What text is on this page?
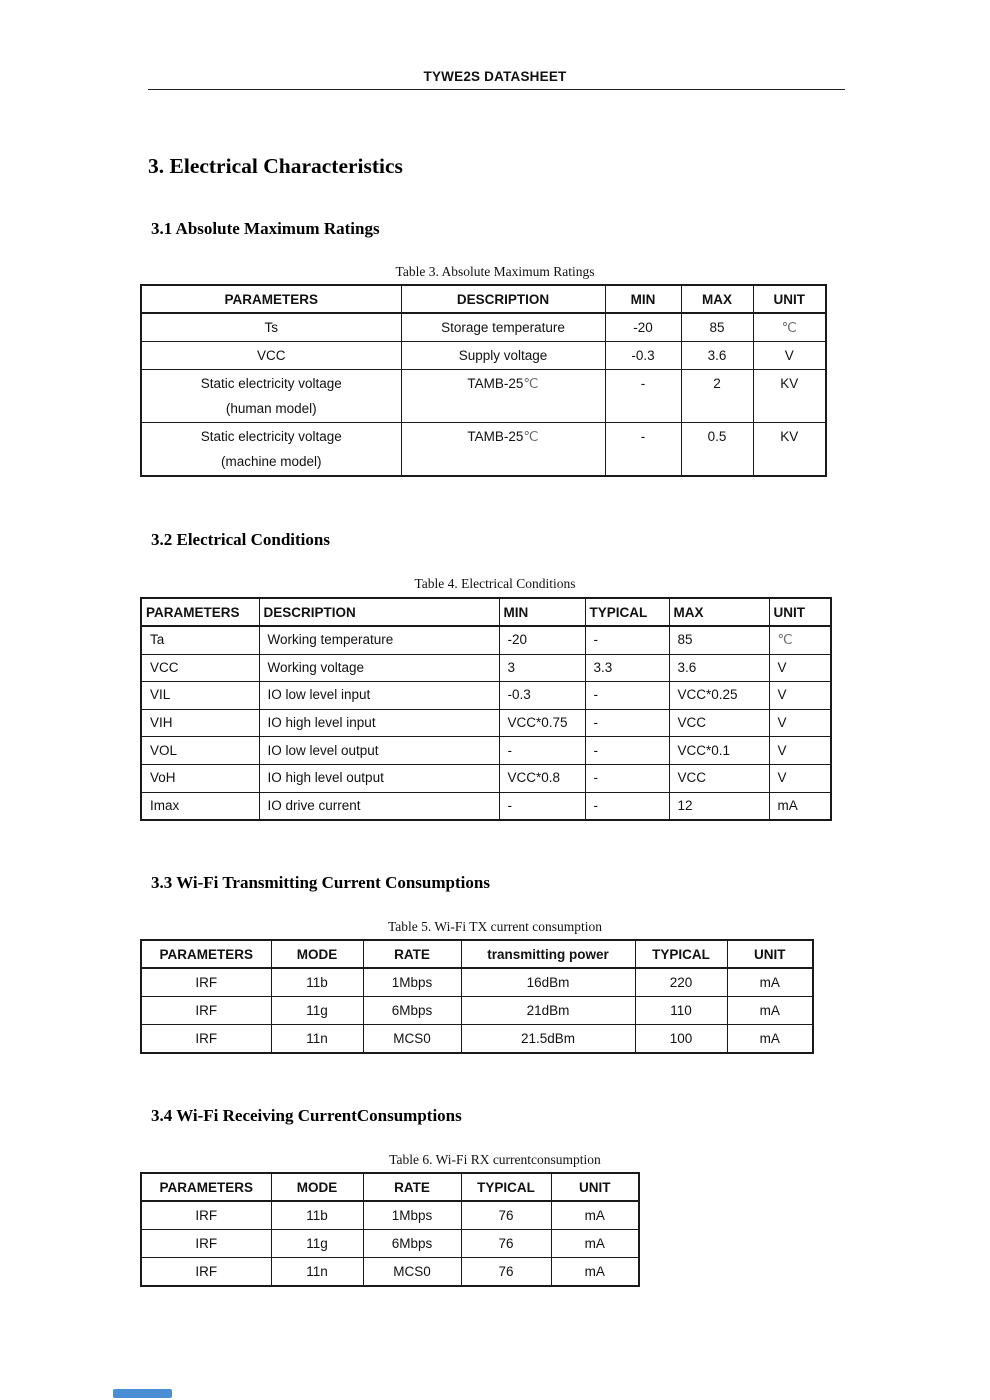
TYWE2S DATASHEET
3. Electrical Characteristics
3.1 Absolute Maximum Ratings
Table 3. Absolute Maximum Ratings
PARAMETERS	DESCRIPTION	MIN	MAX	UNIT
Ts	Storage temperature	-20	85	℃
VCC	Supply voltage	-0.3	3.6	V

Static electricity voltage
(human model)	TAMB-25℃	-	2	KV

Static electricity voltage
(machine model)	TAMB-25℃	-	0.5	KV
3.2 Electrical Conditions
Table 4. Electrical Conditions
PARAMETERS	DESCRIPTION	MIN	TYPICAL	MAX	UNIT
Ta	Working temperature	-20	-	85	℃
VCC	Working voltage	3	3.3	3.6	V
VIL	IO low level input	-0.3	-	VCC*0.25	V
VIH	IO high level input	VCC*0.75	-	VCC	V
VOL	IO low level output	-	-	VCC*0.1	V
VoH	IO high level output	VCC*0.8	-	VCC	V
Imax	IO drive current	-	-	12	mA
3.3 Wi-Fi Transmitting Current Consumptions
Table 5. Wi-Fi TX current consumption
PARAMETERS	MODE	RATE	transmitting power	TYPICAL	UNIT
IRF	11b	1Mbps	16dBm	220	mA
IRF	11g	6Mbps	21dBm	110	mA
IRF	11n	MCS0	21.5dBm	100	mA
3.4 Wi-Fi Receiving CurrentConsumptions
Table 6. Wi-Fi RX currentconsumption
PARAMETERS	MODE	RATE	TYPICAL	UNIT
IRF	11b	1Mbps	76	mA
IRF	11g	6Mbps	76	mA
IRF	11n	MCS0	76	mA
